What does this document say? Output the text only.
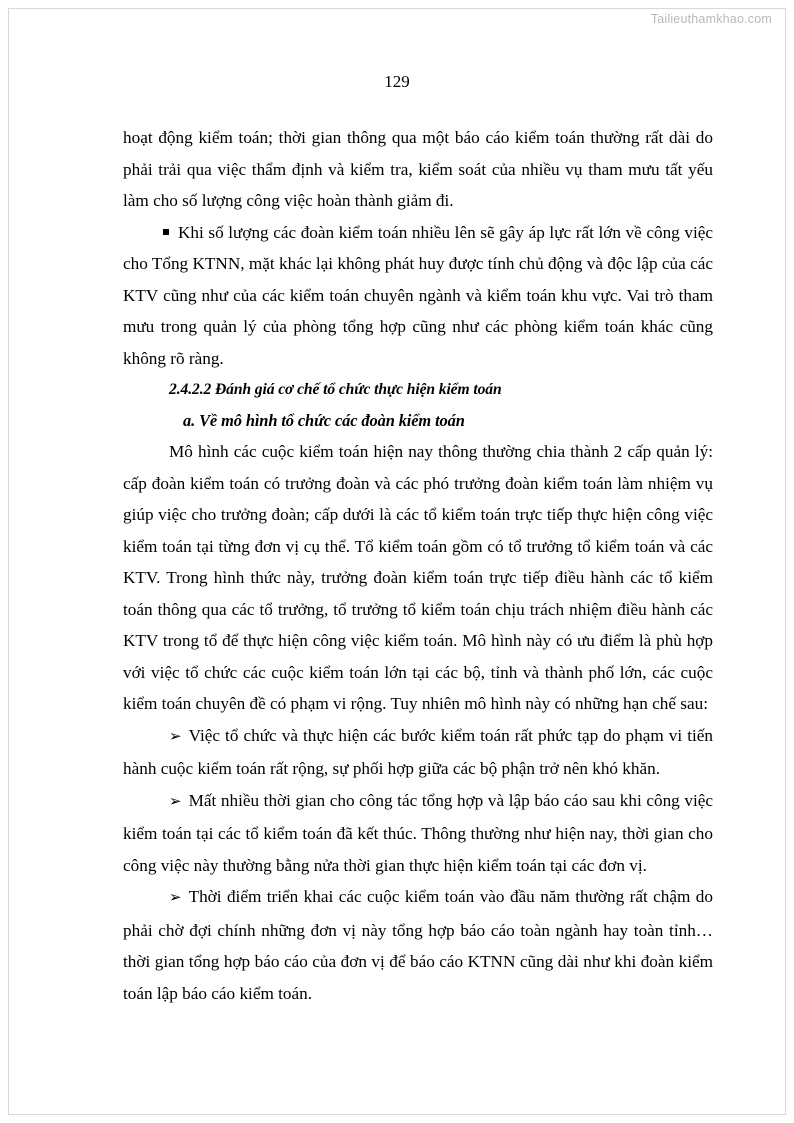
Tailieuthamkhao.com
129

hoạt động kiểm toán; thời gian thông qua một báo cáo kiểm toán thường rất dài do phải trải qua việc thẩm định và kiểm tra, kiểm soát của nhiều vụ tham mưu tất yếu làm cho số lượng công việc hoàn thành giảm đi.

Khi số lượng các đoàn kiểm toán nhiều lên sẽ gây áp lực rất lớn về công việc cho Tổng KTNN, mặt khác lại không phát huy được tính chủ động và độc lập của các KTV cũng như của các kiểm toán chuyên ngành và kiểm toán khu vực. Vai trò tham mưu trong quản lý của phòng tổng hợp cũng như các phòng kiểm toán khác cũng không rõ ràng.

2.4.2.2 Đánh giá cơ chế tổ chức thực hiện kiểm toán

a. Về mô hình tổ chức các đoàn kiểm toán

Mô hình các cuộc kiểm toán hiện nay thông thường chia thành 2 cấp quản lý: cấp đoàn kiểm toán có trưởng đoàn và các phó trưởng đoàn kiểm toán làm nhiệm vụ giúp việc cho trưởng đoàn; cấp dưới là các tổ kiểm toán trực tiếp thực hiện công việc kiểm toán tại từng đơn vị cụ thể. Tổ kiểm toán gồm có tổ trưởng tổ kiểm toán và các KTV. Trong hình thức này, trưởng đoàn kiểm toán trực tiếp điều hành các tổ kiểm toán thông qua các tổ trưởng, tổ trưởng tổ kiểm toán chịu trách nhiệm điều hành các KTV trong tổ để thực hiện công việc kiểm toán. Mô hình này có ưu điểm là phù hợp với việc tổ chức các cuộc kiểm toán lớn tại các bộ, tỉnh và thành phố lớn, các cuộc kiểm toán chuyên đề có phạm vi rộng. Tuy nhiên mô hình này có những hạn chế sau:

➢ Việc tổ chức và thực hiện các bước kiểm toán rất phức tạp do phạm vi tiến hành cuộc kiểm toán rất rộng, sự phối hợp giữa các bộ phận trở nên khó khăn.

➢ Mất nhiều thời gian cho công tác tổng hợp và lập báo cáo sau khi công việc kiểm toán tại các tổ kiểm toán đã kết thúc. Thông thường như hiện nay, thời gian cho công việc này thường bằng nửa thời gian thực hiện kiểm toán tại các đơn vị.

➢ Thời điểm triển khai các cuộc kiểm toán vào đầu năm thường rất chậm do phải chờ đợi chính những đơn vị này tổng hợp báo cáo toàn ngành hay toàn tỉnh… thời gian tổng hợp báo cáo của đơn vị để báo cáo KTNN cũng dài như khi đoàn kiểm toán lập báo cáo kiểm toán.
